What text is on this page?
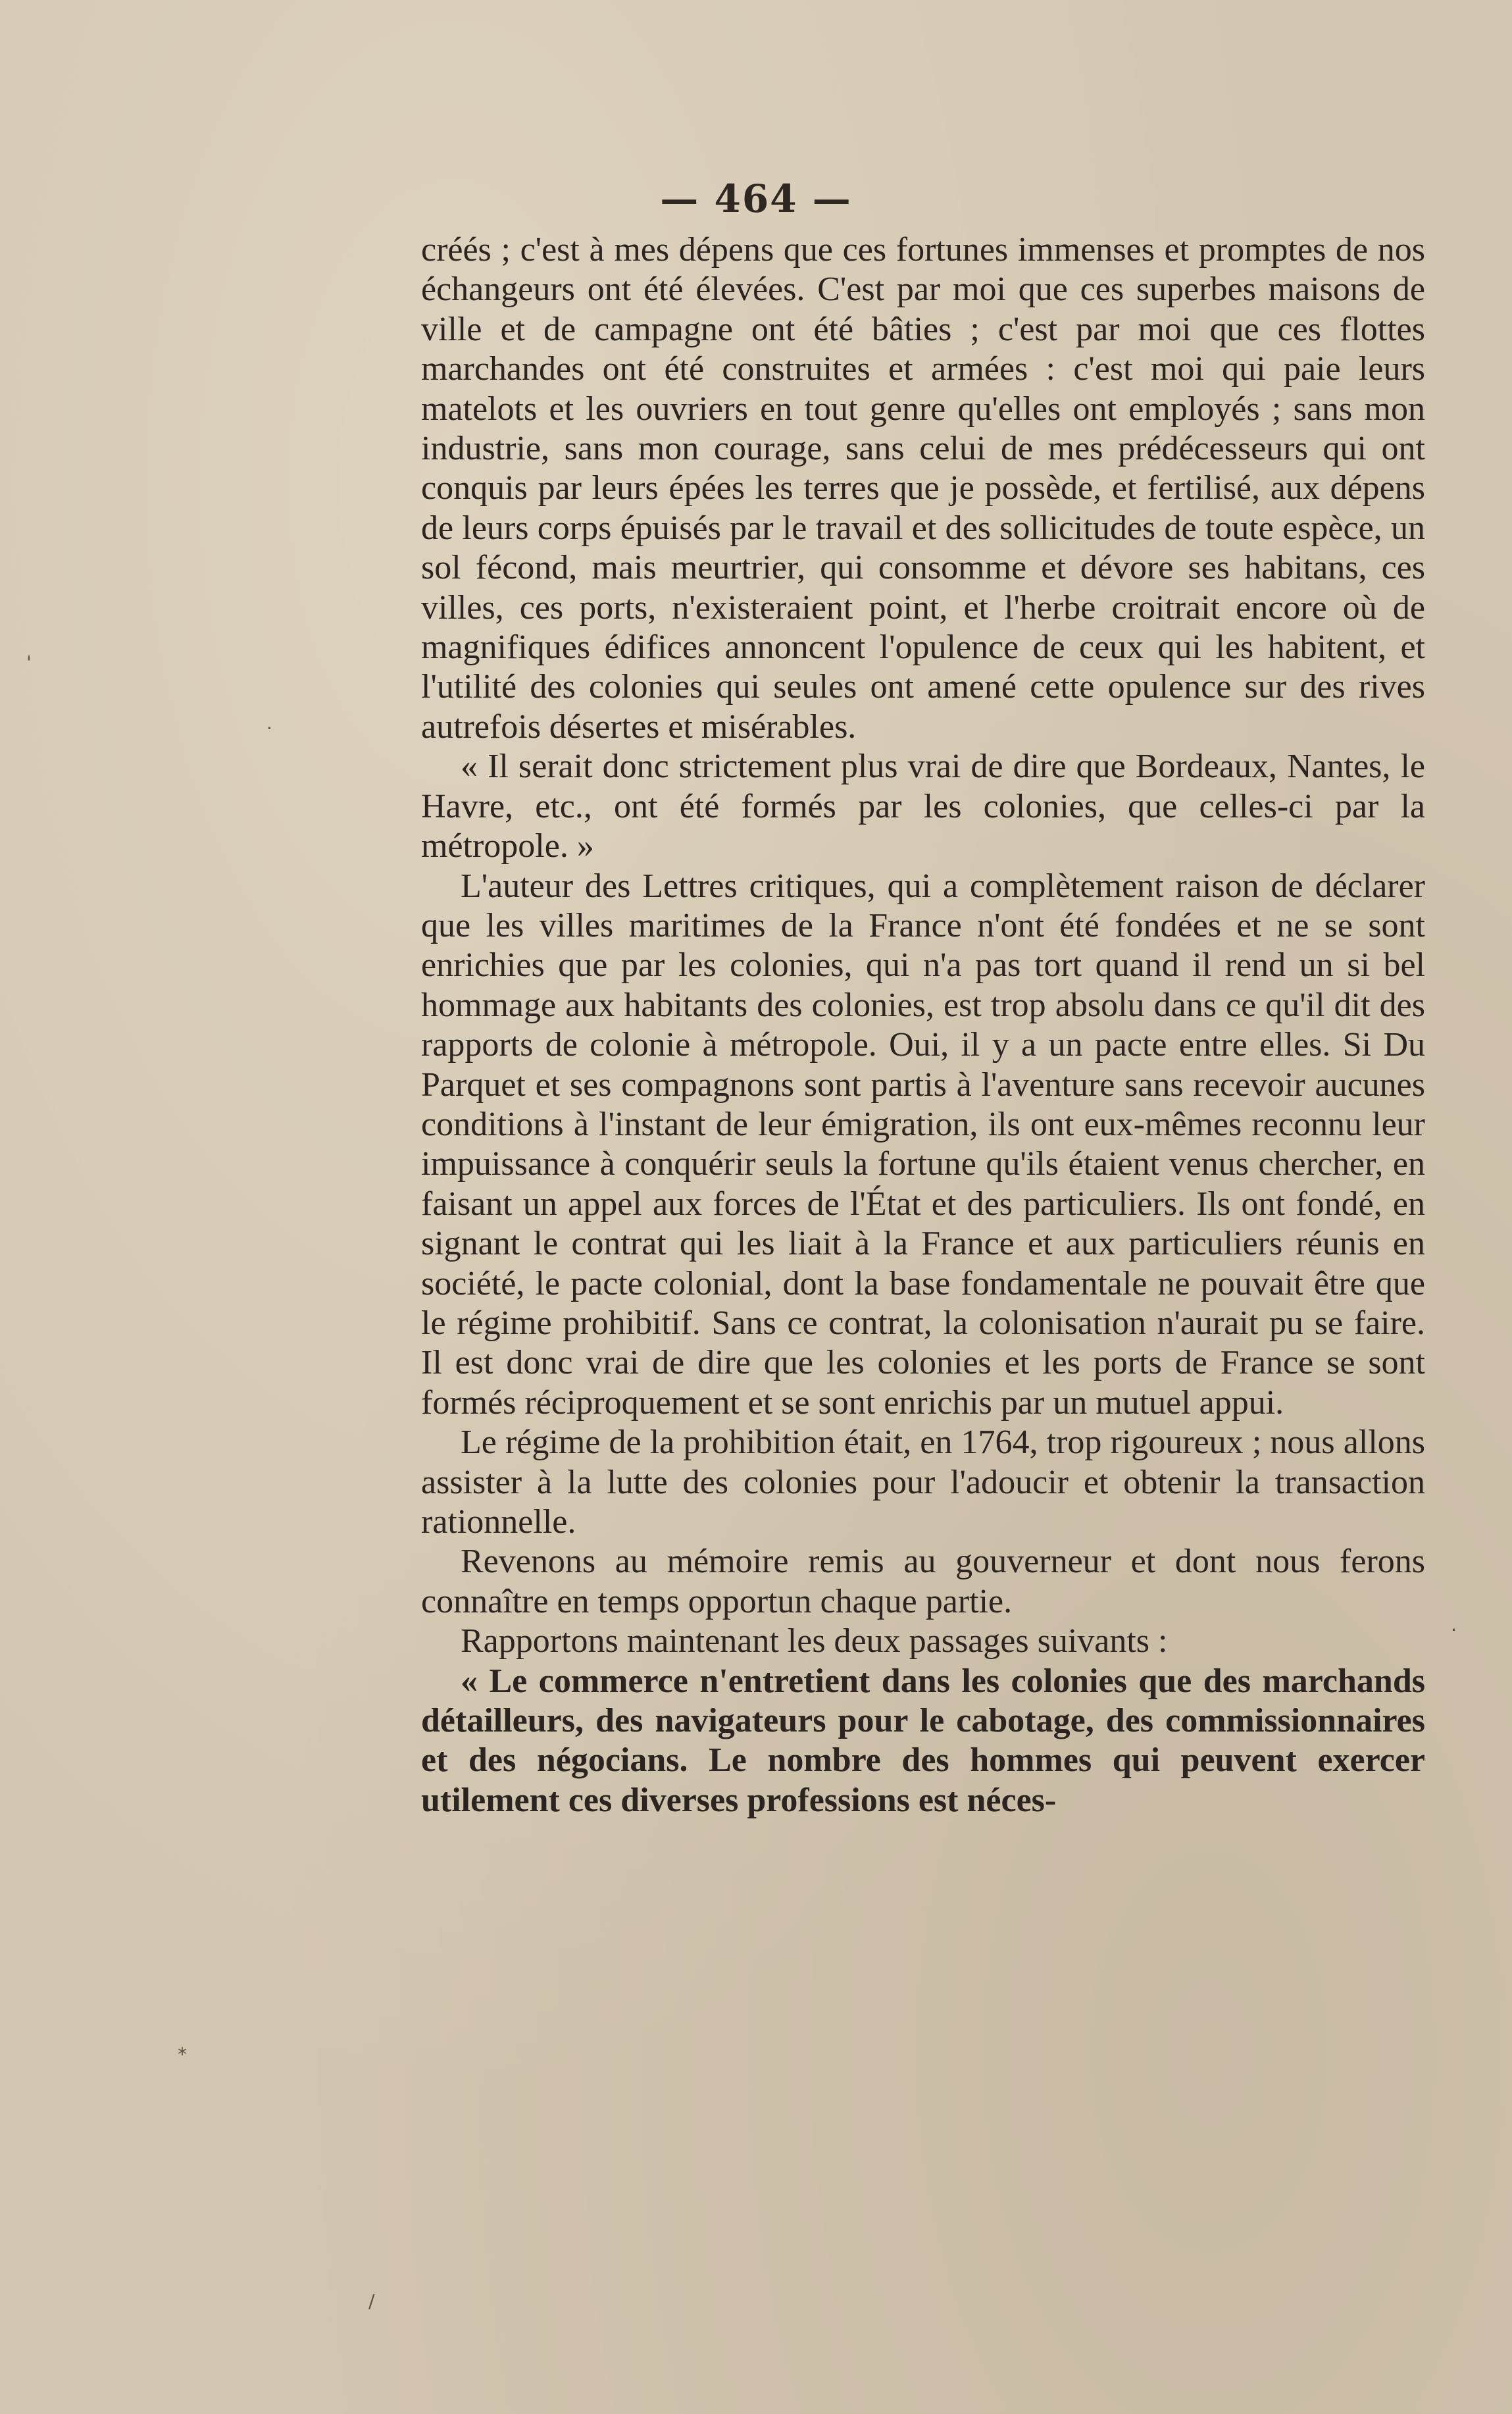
— 464 —

créés ; c'est à mes dépens que ces fortunes immenses et promptes de nos échangeurs ont été élevées. C'est par moi que ces superbes maisons de ville et de campagne ont été bâties ; c'est par moi que ces flottes marchandes ont été construites et armées : c'est moi qui paie leurs matelots et les ouvriers en tout genre qu'elles ont employés ; sans mon industrie, sans mon courage, sans celui de mes prédécesseurs qui ont conquis par leurs épées les terres que je possède, et fertilisé, aux dépens de leurs corps épuisés par le travail et des sollicitudes de toute espèce, un sol fécond, mais meurtrier, qui consomme et dévore ses habitans, ces villes, ces ports, n'existeraient point, et l'herbe croitrait encore où de magnifiques édifices annoncent l'opulence de ceux qui les habitent, et l'utilité des colonies qui seules ont amené cette opulence sur des rives autrefois désertes et misérables.

« Il serait donc strictement plus vrai de dire que Bordeaux, Nantes, le Havre, etc., ont été formés par les colonies, que celles-ci par la métropole. »

L'auteur des Lettres critiques, qui a complètement raison de déclarer que les villes maritimes de la France n'ont été fondées et ne se sont enrichies que par les colonies, qui n'a pas tort quand il rend un si bel hommage aux habitants des colonies, est trop absolu dans ce qu'il dit des rapports de colonie à métropole. Oui, il y a un pacte entre elles. Si Du Parquet et ses compagnons sont partis à l'aventure sans recevoir aucunes conditions à l'instant de leur émigration, ils ont eux-mêmes reconnu leur impuissance à conquérir seuls la fortune qu'ils étaient venus chercher, en faisant un appel aux forces de l'État et des particuliers. Ils ont fondé, en signant le contrat qui les liait à la France et aux particuliers réunis en société, le pacte colonial, dont la base fondamentale ne pouvait être que le régime prohibitif. Sans ce contrat, la colonisation n'aurait pu se faire. Il est donc vrai de dire que les colonies et les ports de France se sont formés réciproquement et se sont enrichis par un mutuel appui.

Le régime de la prohibition était, en 1764, trop rigoureux ; nous allons assister à la lutte des colonies pour l'adoucir et obtenir la transaction rationnelle.

Revenons au mémoire remis au gouverneur et dont nous ferons connaître en temps opportun chaque partie.

Rapportons maintenant les deux passages suivants :

« Le commerce n'entretient dans les colonies que des marchands détailleurs, des navigateurs pour le cabotage, des commissionnaires et des négocians. Le nombre des hommes qui peuvent exercer utilement ces diverses professions est néces-

'
·
·
*
/
